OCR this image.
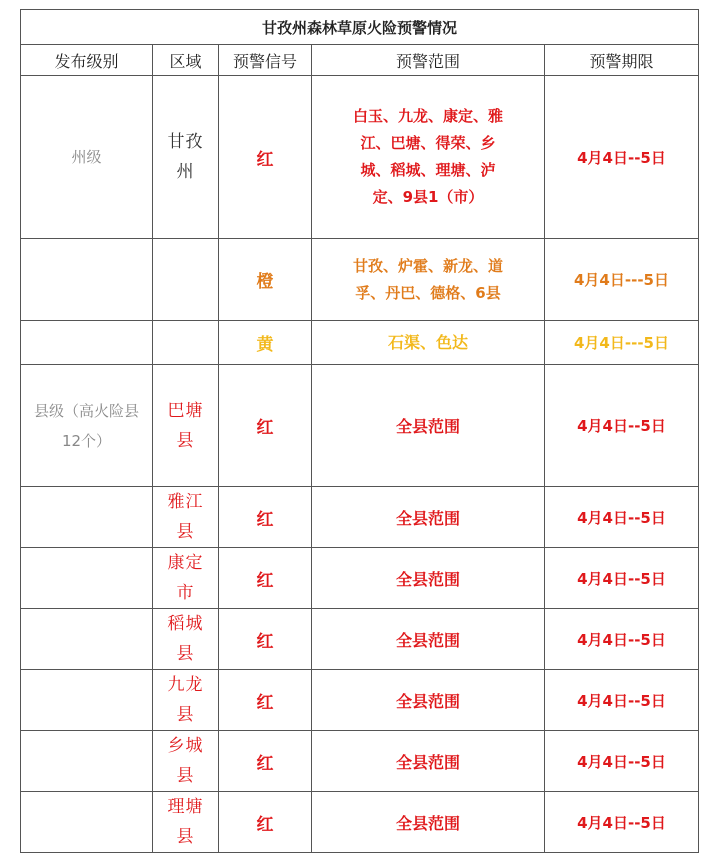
甘孜州森林草原火险预警情况				
发布级别	区域	预警信号	预警范围	预警期限
州级	甘孜州	红	白玉、九龙、康定、雅江、巴塘、得荣、乡城、稻城、理塘、泸定、9县1（市）	4月4日--5日
		橙	甘孜、炉霍、新龙、道孚、丹巴、德格、6县	4月4日---5日
		黄	石渠、色达	4月4日---5日
县级（高火险县　　12个）	巴塘县	红	全县范围	4月4日--5日
	雅江县	红	全县范围	4月4日--5日
	康定市	红	全县范围	4月4日--5日
	稻城县	红	全县范围	4月4日--5日
	九龙县	红	全县范围	4月4日--5日
	乡城县	红	全县范围	4月4日--5日
	理塘县	红	全县范围	4月4日--5日
